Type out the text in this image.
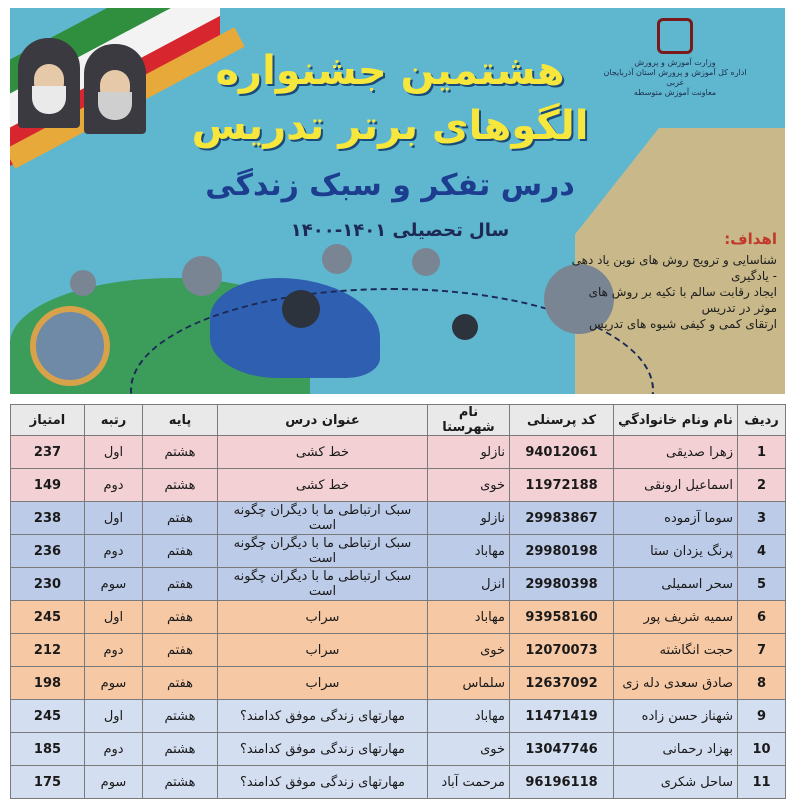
وزارت آموزش و پرورش
اداره کل آموزش و پرورش استان آذربایجان غربی
معاونت آموزش متوسطه
هشتمین جشنواره
الگوهای برتر تدریس
درس تفکر و سبک زندگی
سال تحصیلی ۱۴۰۱-۱۴۰۰	اهداف:
شناسایی و ترویج روش های نوین یاد دهی - یادگیری
ایجاد رقابت سالم با تکیه بر روش های موثر در تدریس
ارتقای کمی و کیفی شیوه های تدریس
ردیف	نام ونام خانوادگي	کد پرسنلی	نام شهرستا	عنوان درس	پایه	رتبه	امتیاز
1	زهرا صدیقی	94012061	نازلو	خط کشی	هشتم	اول	237
2	اسماعیل ارونقی	11972188	خوی	خط کشی	هشتم	دوم	149
3	سوما آزموده	29983867	نازلو	سبک ارتباطی ما با دیگران چگونه است	هفتم	اول	238
4	پرنگ یزدان ستا	29980198	مهاباد	سبک ارتباطی ما با دیگران چگونه است	هفتم	دوم	236
5	سحر اسمیلی	29980398	انزل	سبک ارتباطی ما با دیگران چگونه است	هفتم	سوم	230
6	سمیه شریف پور	93958160	مهاباد	سراب	هفتم	اول	245
7	حجت انگاشته	12070073	خوی	سراب	هفتم	دوم	212
8	صادق سعدی دله زی	12637092	سلماس	سراب	هفتم	سوم	198
9	شهناز حسن زاده	11471419	مهاباد	مهارتهای زندگی موفق کدامند؟	هشتم	اول	245
10	بهزاد رحمانی	13047746	خوی	مهارتهای زندگی موفق کدامند؟	هشتم	دوم	185
11	ساحل شکری	96196118	مرحمت آباد	مهارتهای زندگی موفق کدامند؟	هشتم	سوم	175
